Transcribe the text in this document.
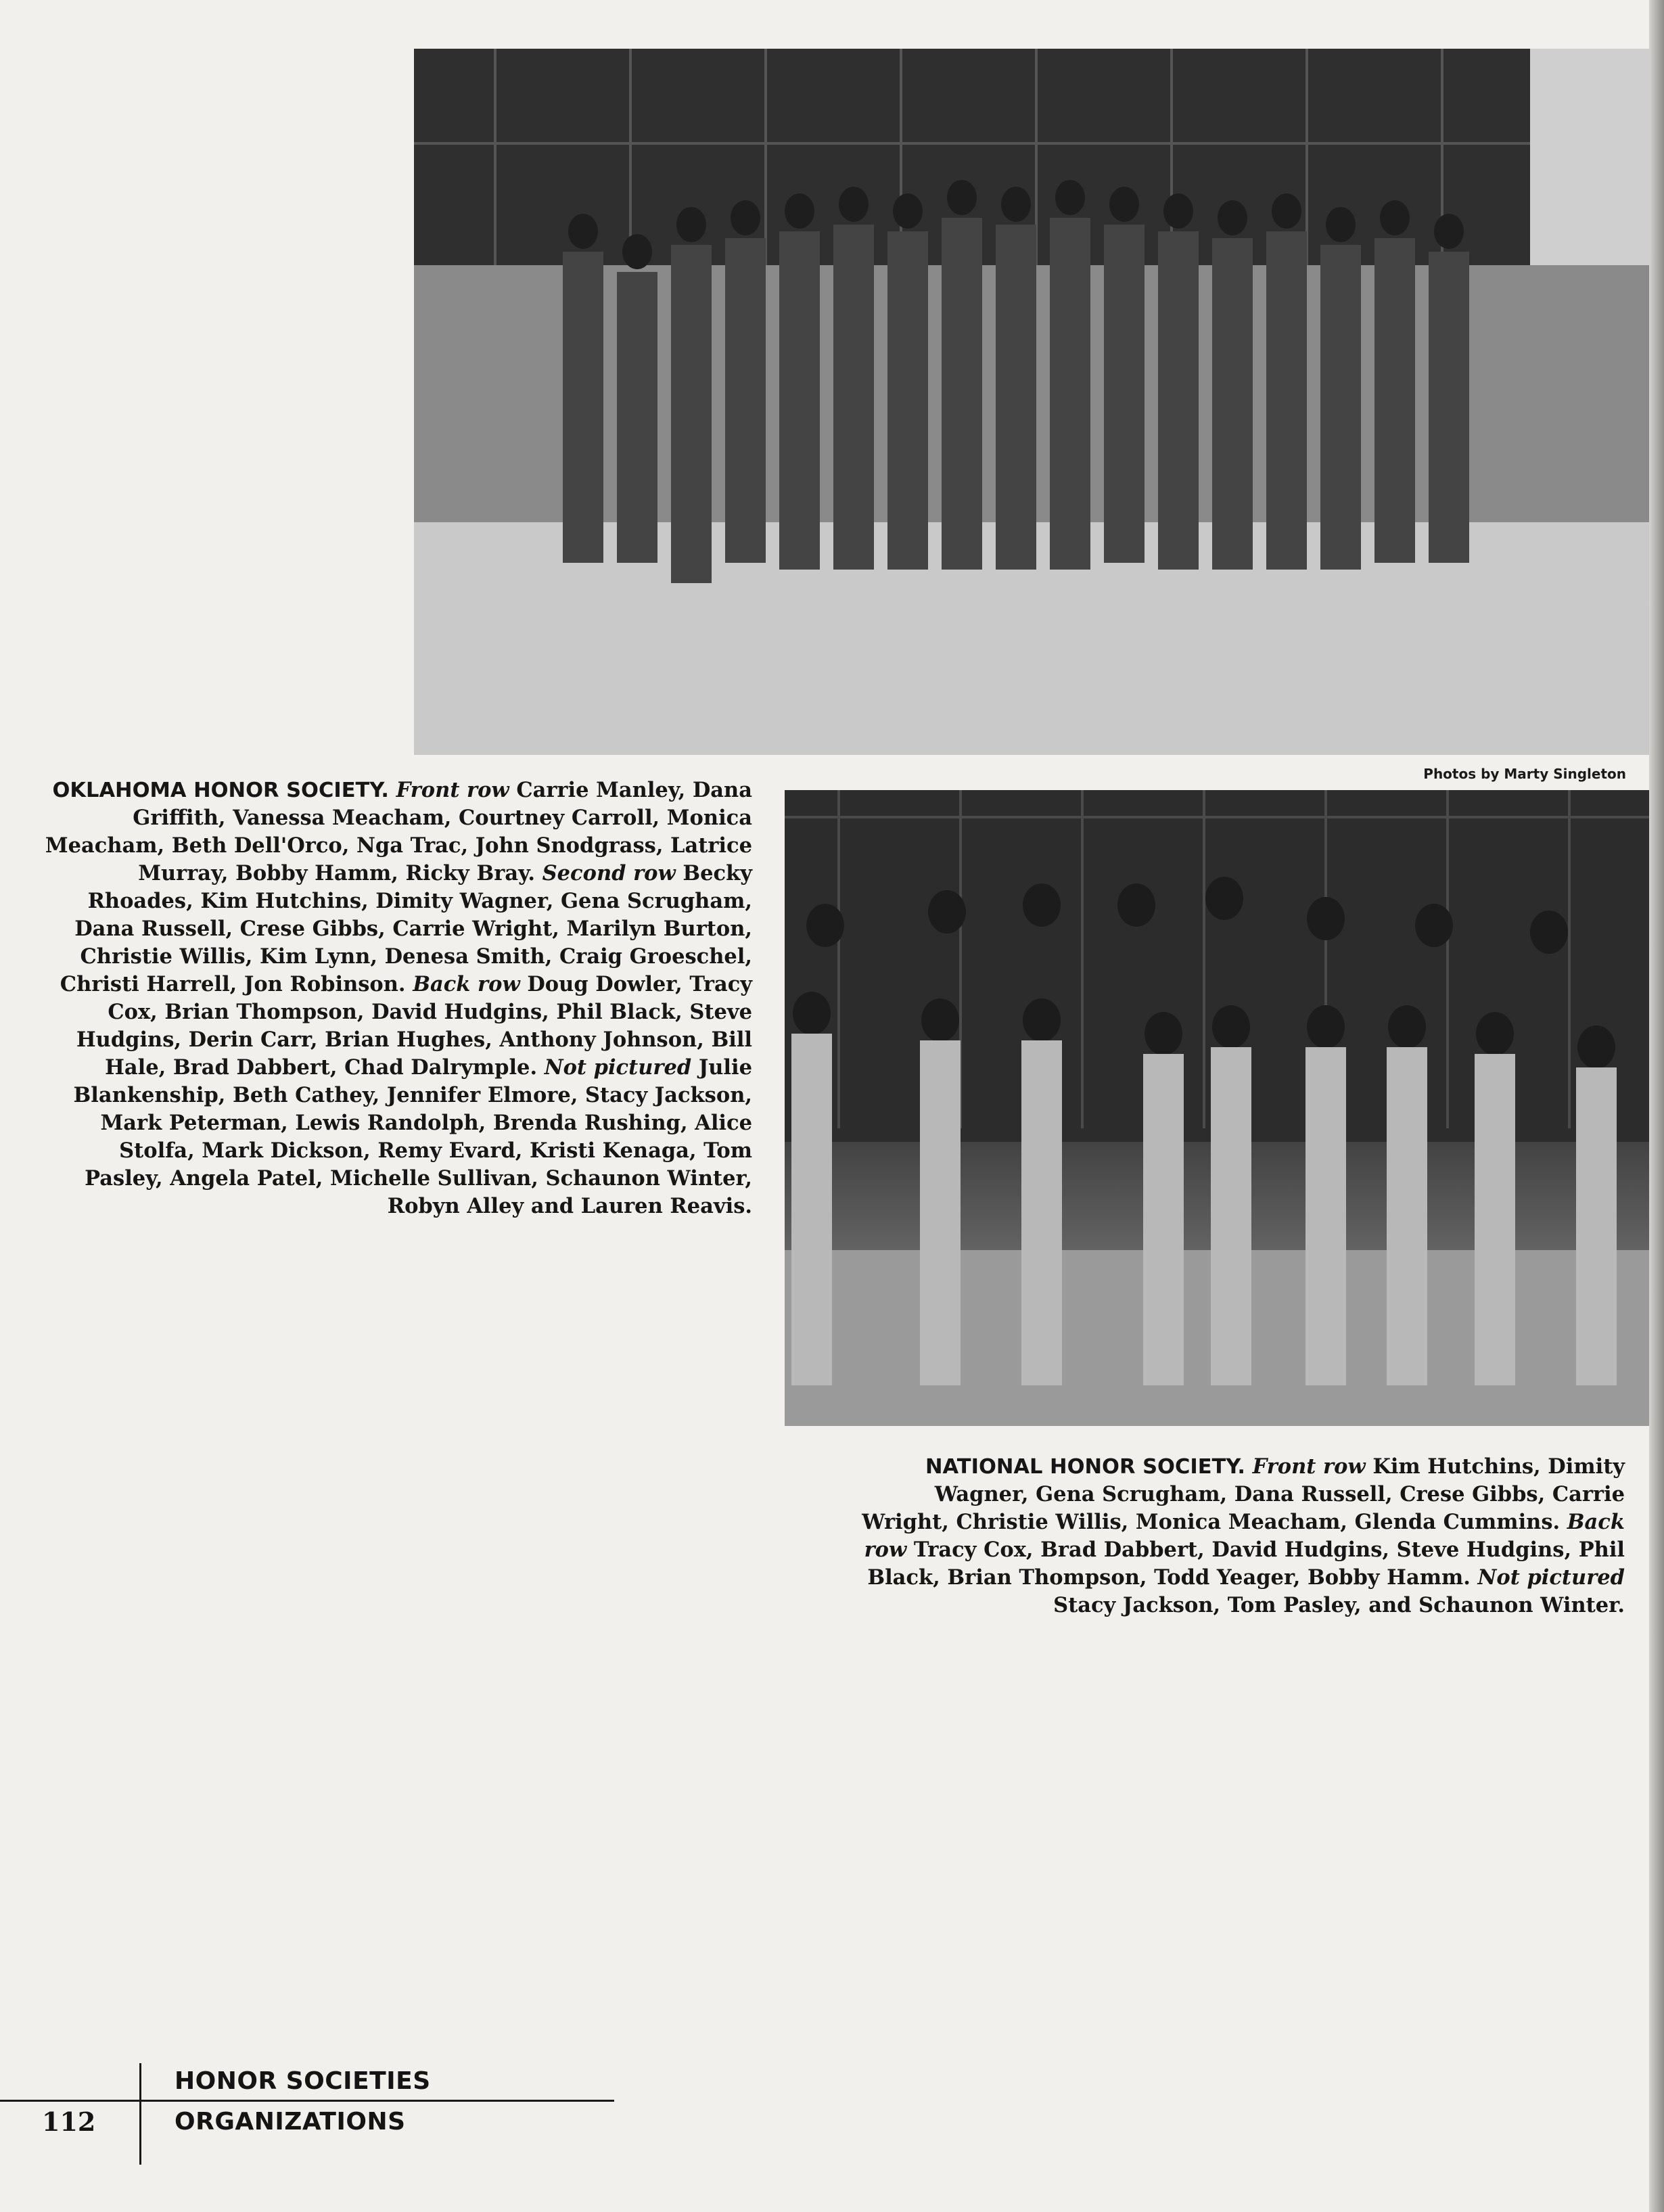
Photos by Marty Singleton

OKLAHOMA HONOR SOCIETY. Front row Carrie Manley, Dana Griffith, Vanessa Meacham, Courtney Carroll, Monica Meacham, Beth Dell'Orco, Nga Trac, John Snodgrass, Latrice Murray, Bobby Hamm, Ricky Bray. Second row Becky Rhoades, Kim Hutchins, Dimity Wagner, Gena Scrugham, Dana Russell, Crese Gibbs, Carrie Wright, Marilyn Burton, Christie Willis, Kim Lynn, Denesa Smith, Craig Groeschel, Christi Harrell, Jon Robinson. Back row Doug Dowler, Tracy Cox, Brian Thompson, David Hudgins, Phil Black, Steve Hudgins, Derin Carr, Brian Hughes, Anthony Johnson, Bill Hale, Brad Dabbert, Chad Dalrymple. Not pictured Julie Blankenship, Beth Cathey, Jennifer Elmore, Stacy Jackson, Mark Peterman, Lewis Randolph, Brenda Rushing, Alice Stolfa, Mark Dickson, Remy Evard, Kristi Kenaga, Tom Pasley, Angela Patel, Michelle Sullivan, Schaunon Winter, Robyn Alley and Lauren Reavis.

NATIONAL HONOR SOCIETY. Front row Kim Hutchins, Dimity Wagner, Gena Scrugham, Dana Russell, Crese Gibbs, Carrie Wright, Christie Willis, Monica Meacham, Glenda Cummins. Back row Tracy Cox, Brad Dabbert, David Hudgins, Steve Hudgins, Phil Black, Brian Thompson, Todd Yeager, Bobby Hamm. Not pictured Stacy Jackson, Tom Pasley, and Schaunon Winter.

112
HONOR SOCIETIES
ORGANIZATIONS
